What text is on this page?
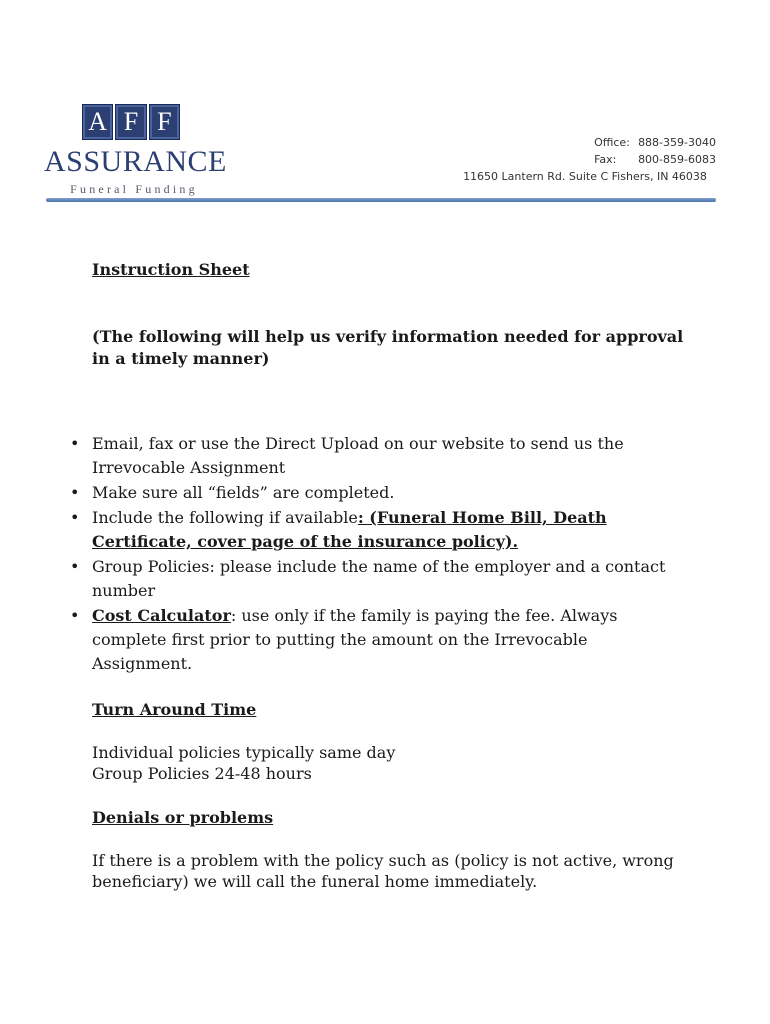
A F F
ASSURANCE
Funeral Funding
Office: 888-359-3040
Fax:	800-859-6083
11650 Lantern Rd. Suite C Fishers, IN 46038
Instruction Sheet

(The following will help us verify information needed for approval in a timely manner)

• Email, fax or use the Direct Upload on our website to send us the Irrevocable Assignment
• Make sure all “fields” are completed.
• Include the following if available: (Funeral Home Bill, Death Certificate, cover page of the insurance policy).
• Group Policies: please include the name of the employer and a contact number
• Cost Calculator: use only if the family is paying the fee. Always complete first prior to putting the amount on the Irrevocable Assignment.
Turn Around Time

Individual policies typically same day
Group Policies 24-48 hours

Denials or problems

If there is a problem with the policy such as (policy is not active, wrong beneficiary) we will call the funeral home immediately.
